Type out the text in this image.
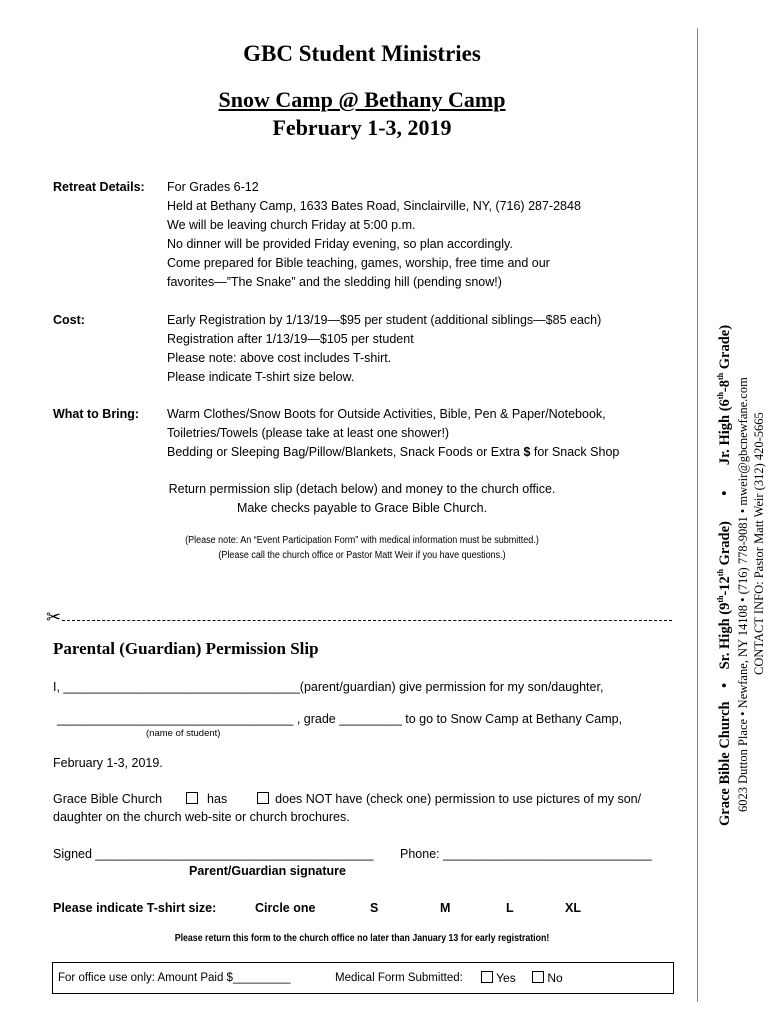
GBC Student Ministries
Snow Camp @ Bethany Camp
February 1-3, 2019
Retreat Details: For Grades 6-12
Held at Bethany Camp, 1633 Bates Road, Sinclairville, NY, (716) 287-2848
We will be leaving church Friday at 5:00 p.m.
No dinner will be provided Friday evening, so plan accordingly.
Come prepared for Bible teaching, games, worship, free time and our
favorites—”The Snake” and the sledding hill (pending snow!)
Cost:	Early Registration by 1/13/19—$95 per student (additional siblings—$85 each)
Registration after 1/13/19—$105 per student
Please note: above cost includes T-shirt.
Please indicate T-shirt size below.
What to Bring: Warm Clothes/Snow Boots for Outside Activities, Bible, Pen & Paper/Notebook,
Toiletries/Towels (please take at least one shower!)
Bedding or Sleeping Bag/Pillow/Blankets, Snack Foods or Extra $ for Snack Shop
Return permission slip (detach below) and money to the church office.
Make checks payable to Grace Bible Church.
(Please note: An “Event Participation Form” with medical information must be submitted.)
(Please call the church office or Pastor Matt Weir if you have questions.)
✂
Parental (Guardian) Permission Slip
I, __________________________________(parent/guardian) give permission for my son/daughter,
__________________________________ , grade _________ to go to Snow Camp at Bethany Camp,
(name of student)
February 1-3, 2019.
Grace Bible Church	has	does NOT have (check one) permission to use pictures of my son/
daughter on the church web-site or church brochures.
Signed ________________________________________ Phone: ______________________________
Parent/Guardian signature
Please indicate T-shirt size:	Circle one	S	M	L	XL
Please return this form to the church office no later than January 13 for early registration!
For office use only: Amount Paid $_________	Medical Form Submitted:	Yes	No
Grace Bible Church•Sr. High (9th-12th Grade)•Jr. High (6th-8th Grade)
6023 Dutton Place • Newfane, NY 14108 • (716) 778-9081 • mweir@gbcnewfane.com CONTACT INFO: Pastor Matt Weir (312) 420-5665
